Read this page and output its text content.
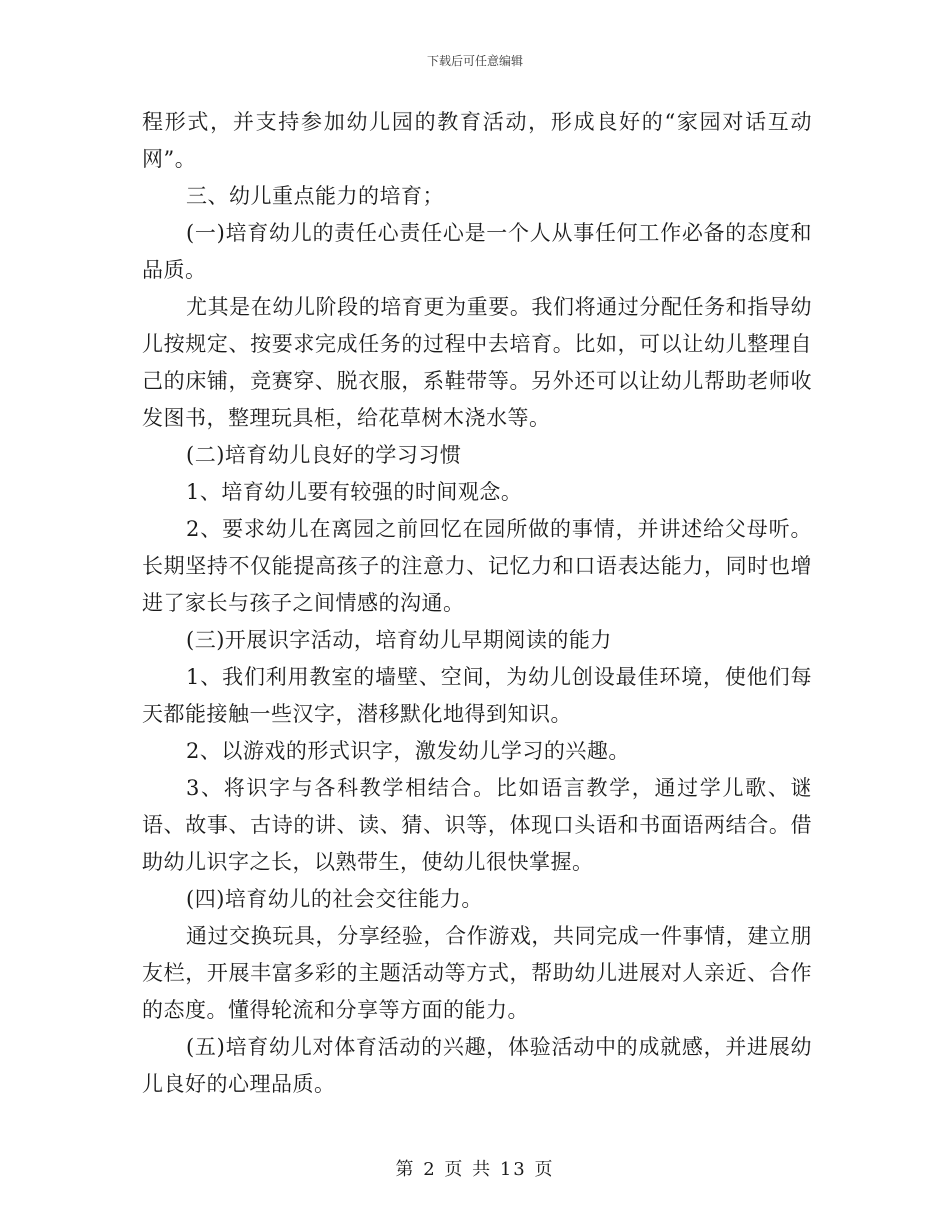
下载后可任意编辑

程形式，并支持参加幼儿园的教育活动，形成良好的“家园对话互动网”。

三、幼儿重点能力的培育；

(一)培育幼儿的责任心责任心是一个人从事任何工作必备的态度和品质。

尤其是在幼儿阶段的培育更为重要。我们将通过分配任务和指导幼儿按规定、按要求完成任务的过程中去培育。比如，可以让幼儿整理自己的床铺，竞赛穿、脱衣服，系鞋带等。另外还可以让幼儿帮助老师收发图书，整理玩具柜，给花草树木浇水等。

(二)培育幼儿良好的学习习惯

1、培育幼儿要有较强的时间观念。

2、要求幼儿在离园之前回忆在园所做的事情，并讲述给父母听。长期坚持不仅能提高孩子的注意力、记忆力和口语表达能力，同时也增进了家长与孩子之间情感的沟通。

(三)开展识字活动，培育幼儿早期阅读的能力

1、我们利用教室的墙壁、空间，为幼儿创设最佳环境，使他们每天都能接触一些汉字，潜移默化地得到知识。

2、以游戏的形式识字，激发幼儿学习的兴趣。

3、将识字与各科教学相结合。比如语言教学，通过学儿歌、谜语、故事、古诗的讲、读、猜、识等，体现口头语和书面语两结合。借助幼儿识字之长，以熟带生，使幼儿很快掌握。

(四)培育幼儿的社会交往能力。

通过交换玩具，分享经验，合作游戏，共同完成一件事情，建立朋友栏，开展丰富多彩的主题活动等方式，帮助幼儿进展对人亲近、合作的态度。懂得轮流和分享等方面的能力。

(五)培育幼儿对体育活动的兴趣，体验活动中的成就感，并进展幼儿良好的心理品质。

第 2 页 共 13 页
